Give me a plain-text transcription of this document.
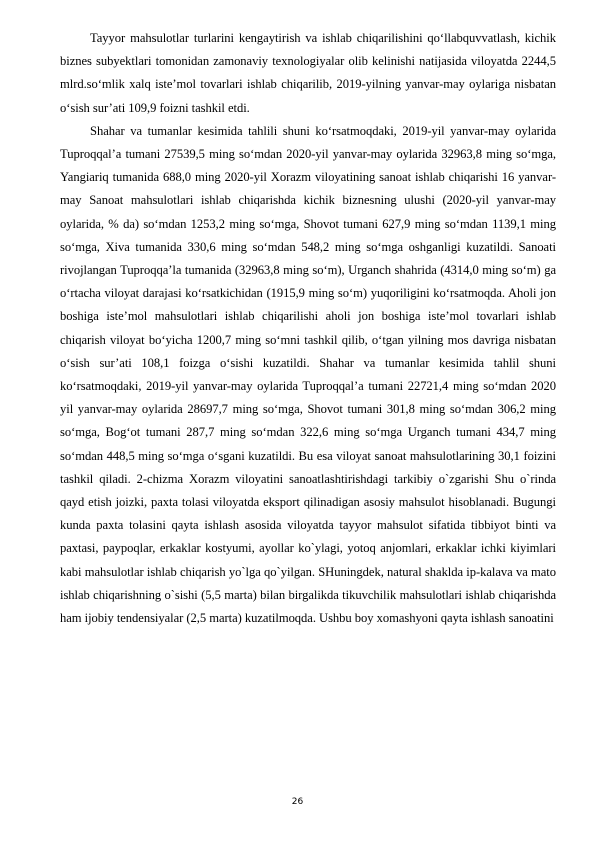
Tayyor mahsulotlar turlarini kengaytirish va ishlab chiqarilishini qo‘llabquvvatlash, kichik biznes subyektlari tomonidan zamonaviy texnologiyalar olib kelinishi natijasida viloyatda 2244,5 mlrd.so‘mlik xalq iste’mol tovarlari ishlab chiqarilib, 2019-yilning yanvar-may oylariga nisbatan o‘sish sur’ati 109,9 foizni tashkil etdi.

Shahar va tumanlar kesimida tahlili shuni ko‘rsatmoqdaki, 2019-yil yanvar-may oylarida Tuproqqal’a tumani 27539,5 ming so‘mdan 2020-yil yanvar-may oylarida 32963,8 ming so‘mga, Yangiariq tumanida 688,0 ming 2020-yil Xorazm viloyatining sanoat ishlab chiqarishi 16 yanvar-may Sanoat mahsulotlari ishlab chiqarishda kichik biznesning ulushi (2020-yil yanvar-may oylarida, % da) so‘mdan 1253,2 ming so‘mga, Shovot tumani 627,9 ming so‘mdan 1139,1 ming so‘mga, Xiva tumanida 330,6 ming so‘mdan 548,2 ming so‘mga oshganligi kuzatildi. Sanoati rivojlangan Tuproqqa’la tumanida (32963,8 ming so‘m), Urganch shahrida (4314,0 ming so‘m) ga o‘rtacha viloyat darajasi ko‘rsatkichidan (1915,9 ming so‘m) yuqoriligini ko‘rsatmoqda. Aholi jon boshiga iste’mol mahsulotlari ishlab chiqarilishi aholi jon boshiga iste’mol tovarlari ishlab chiqarish viloyat bo‘yicha 1200,7 ming so‘mni tashkil qilib, o‘tgan yilning mos davriga nisbatan o‘sish sur’ati 108,1 foizga o‘sishi kuzatildi. Shahar va tumanlar kesimida tahlil shuni ko‘rsatmoqdaki, 2019-yil yanvar-may oylarida Tuproqqal’a tumani 22721,4 ming so‘mdan 2020 yil yanvar-may oylarida 28697,7 ming so‘mga, Shovot tumani 301,8 ming so‘mdan 306,2 ming so‘mga, Bog‘ot tumani 287,7 ming so‘mdan 322,6 ming so‘mga Urganch tumani 434,7 ming so‘mdan 448,5 ming so‘mga o‘sgani kuzatildi. Bu esa viloyat sanoat mahsulotlarining 30,1 foizini tashkil qiladi. 2-chizma Xorazm viloyatini sanoatlashtirishdagi tarkibiy o`zgarishi Shu o`rinda qayd etish joizki, paxta tolasi viloyatda eksport qilinadigan asosiy mahsulot hisoblanadi. Bugungi kunda paxta tolasini qayta ishlash asosida viloyatda tayyor mahsulot sifatida tibbiyot binti va paxtasi, paypoqlar, erkaklar kostyumi, ayollar ko`ylagi, yotoq anjomlari, erkaklar ichki kiyimlari kabi mahsulotlar ishlab chiqarish yo`lga qo`yilgan. SHuningdek, natural shaklda ip-kalava va mato ishlab chiqarishning o`sishi (5,5 marta) bilan birgalikda tikuvchilik mahsulotlari ishlab chiqarishda ham ijobiy tendensiyalar (2,5 marta) kuzatilmoqda. Ushbu boy xomashyoni qayta ishlash sanoatini

26
